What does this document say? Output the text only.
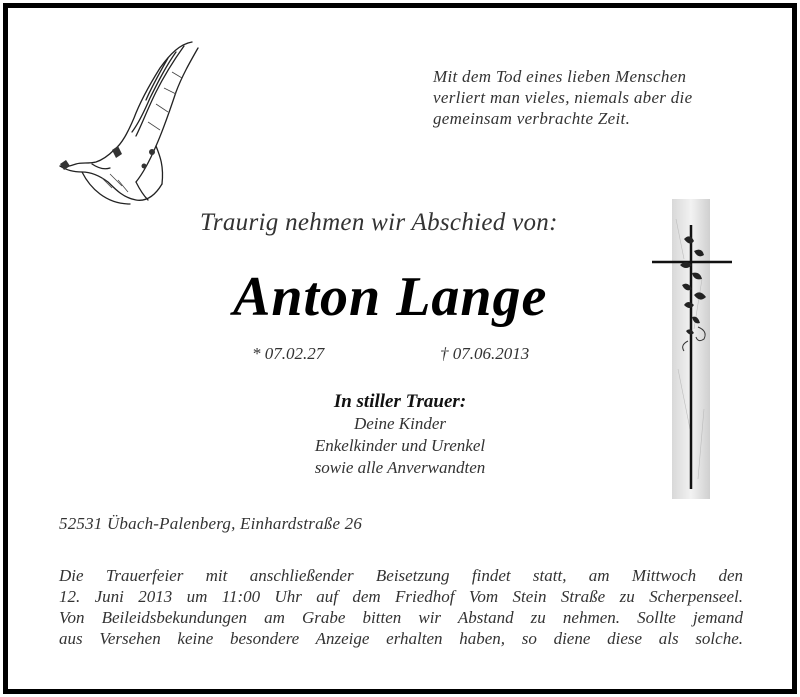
Mit dem Tod eines lieben Menschen
verliert man vieles, niemals aber die
gemeinsam verbrachte Zeit.
Traurig nehmen wir Abschied von:
Anton Lange
* 07.02.27	† 07.06.2013
In stiller Trauer:
Deine Kinder
Enkelkinder und Urenkel
sowie alle Anverwandten
52531 Übach-Palenberg, Einhardstraße 26
Die Trauerfeier mit anschließender Beisetzung findet statt, am Mittwoch den
12. Juni 2013 um 11:00 Uhr auf dem Friedhof Vom Stein Straße zu Scherpenseel.
Von Beileidsbekundungen am Grabe bitten wir Abstand zu nehmen. Sollte jemand
aus Versehen keine besondere Anzeige erhalten haben, so diene diese als solche.
